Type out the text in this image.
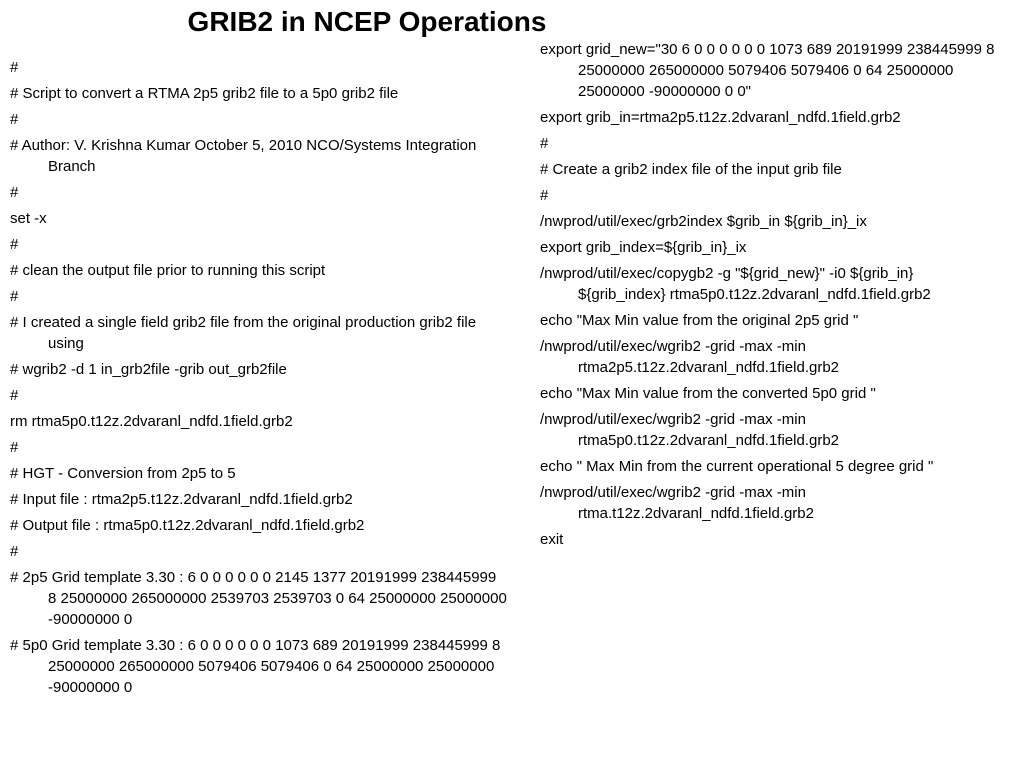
GRIB2 in NCEP Operations
#
# Script to convert a RTMA 2p5 grib2 file to a 5p0 grib2 file
#
# Author: V. Krishna Kumar October 5, 2010 NCO/Systems Integration Branch
#
set -x
#
# clean the output file prior to running this script
#
# I created a single field grib2 file from the original production grib2 file using
# wgrib2 -d 1 in_grb2file -grib out_grb2file
#
rm rtma5p0.t12z.2dvaranl_ndfd.1field.grb2
#
# HGT - Conversion from 2p5 to 5
# Input file : rtma2p5.t12z.2dvaranl_ndfd.1field.grb2
# Output file : rtma5p0.t12z.2dvaranl_ndfd.1field.grb2
#
# 2p5 Grid template 3.30 : 6 0 0 0 0 0 0 2145 1377 20191999 238445999 8 25000000 265000000 2539703 2539703 0 64 25000000 25000000 -90000000 0
# 5p0 Grid template 3.30 : 6 0 0 0 0 0 0 1073 689 20191999 238445999 8 25000000 265000000 5079406 5079406 0 64 25000000 25000000 -90000000 0
export grid_new="30 6 0 0 0 0 0 0 1073 689 20191999 238445999 8 25000000 265000000 5079406 5079406 0 64 25000000 25000000 -90000000 0 0"
export grib_in=rtma2p5.t12z.2dvaranl_ndfd.1field.grb2
#
# Create a grib2 index file of the input grib file
#
/nwprod/util/exec/grb2index $grib_in ${grib_in}_ix
export grib_index=${grib_in}_ix
/nwprod/util/exec/copygb2 -g "${grid_new}" -i0 ${grib_in} ${grib_index} rtma5p0.t12z.2dvaranl_ndfd.1field.grb2
echo "Max Min value from the original 2p5 grid "
/nwprod/util/exec/wgrib2 -grid -max -min rtma2p5.t12z.2dvaranl_ndfd.1field.grb2
echo "Max Min value from the converted 5p0 grid "
/nwprod/util/exec/wgrib2 -grid -max -min rtma5p0.t12z.2dvaranl_ndfd.1field.grb2
echo " Max Min from the current operational 5 degree grid "
/nwprod/util/exec/wgrib2 -grid -max -min rtma.t12z.2dvaranl_ndfd.1field.grb2
exit
